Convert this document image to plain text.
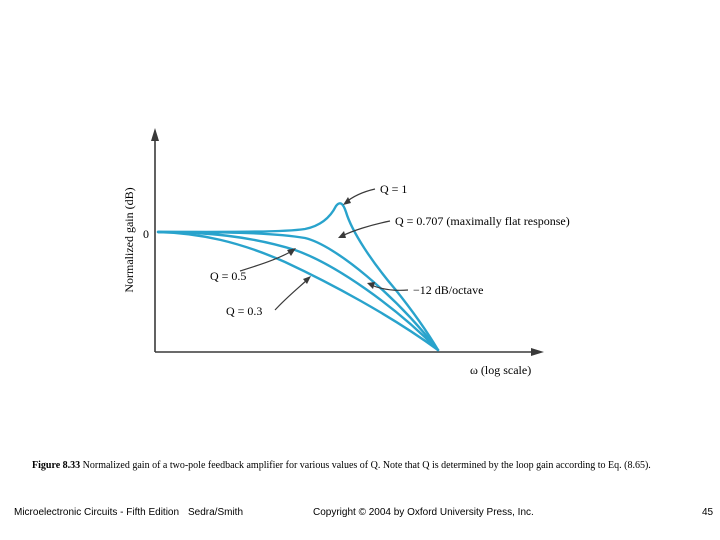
Normalized gain (dB) 0
ω (log scale)
Q = 1
Q = 0.707 (maximally flat response)
Q = 0.5
Q = 0.3
−12 dB/octave
Figure 8.33 Normalized gain of a two-pole feedback amplifier for various values of Q. Note that Q is determined by the loop gain according to Eq. (8.65).
Microelectronic Circuits - Fifth Edition Sedra/Smith	Copyright © 2004 by Oxford University Press, Inc.	45
